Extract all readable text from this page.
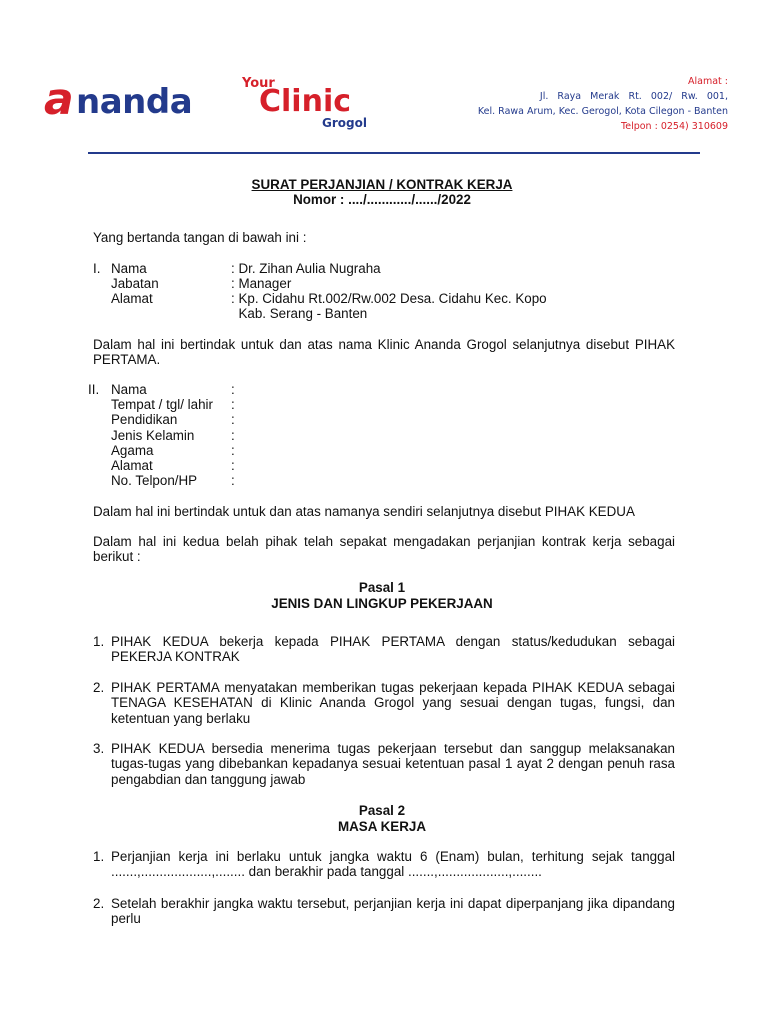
a nanda	Your
Clinic
Grogol
Alamat :
Jl.   Raya   Merak   Rt.   002/   Rw.   001,
Kel. Rawa Arum, Kec. Gerogol, Kota Cilegon - Banten
Telpon : 0254) 310609
SURAT PERJANJIAN / KONTRAK KERJA
Nomor : ..../............/....../2022
Yang bertanda tangan di bawah ini :
I. Nama	: Dr. Zihan Aulia Nugraha
Jabatan	: Manager
Alamat	: Kp. Cidahu Rt.002/Rw.002 Desa. Cidahu Kec. Kopo
Kab. Serang - Banten
Dalam hal ini bertindak untuk dan atas nama Klinic Ananda Grogol selanjutnya disebut PIHAK PERTAMA.
II. Nama	:
Tempat / tgl/ lahir :
Pendidikan	:
Jenis Kelamin	:
Agama	:
Alamat	:
No. Telpon/HP	:
Dalam hal ini bertindak untuk dan atas namanya sendiri selanjutnya disebut PIHAK KEDUA
Dalam hal ini kedua belah pihak telah sepakat mengadakan perjanjian kontrak kerja sebagai berikut :
Pasal 1
JENIS DAN LINGKUP PEKERJAAN
1. PIHAK KEDUA bekerja kepada PIHAK PERTAMA dengan status/kedudukan sebagai PEKERJA KONTRAK
2. PIHAK PERTAMA menyatakan memberikan tugas pekerjaan kepada PIHAK KEDUA sebagai TENAGA KESEHATAN di Klinic Ananda Grogol yang sesuai dengan tugas, fungsi, dan ketentuan yang berlaku
3. PIHAK KEDUA bersedia menerima tugas pekerjaan tersebut dan sanggup melaksanakan tugas-tugas yang dibebankan kepadanya sesuai ketentuan pasal 1 ayat 2 dengan penuh rasa pengabdian dan tanggung jawab
Pasal 2
MASA KERJA
1. Perjanjian kerja ini berlaku untuk jangka waktu 6 (Enam) bulan, terhitung sejak tanggal .......,...................,........ dan berakhir pada tanggal .......,...................,........
2. Setelah berakhir jangka waktu tersebut, perjanjian kerja ini dapat diperpanjang jika dipandang perlu
